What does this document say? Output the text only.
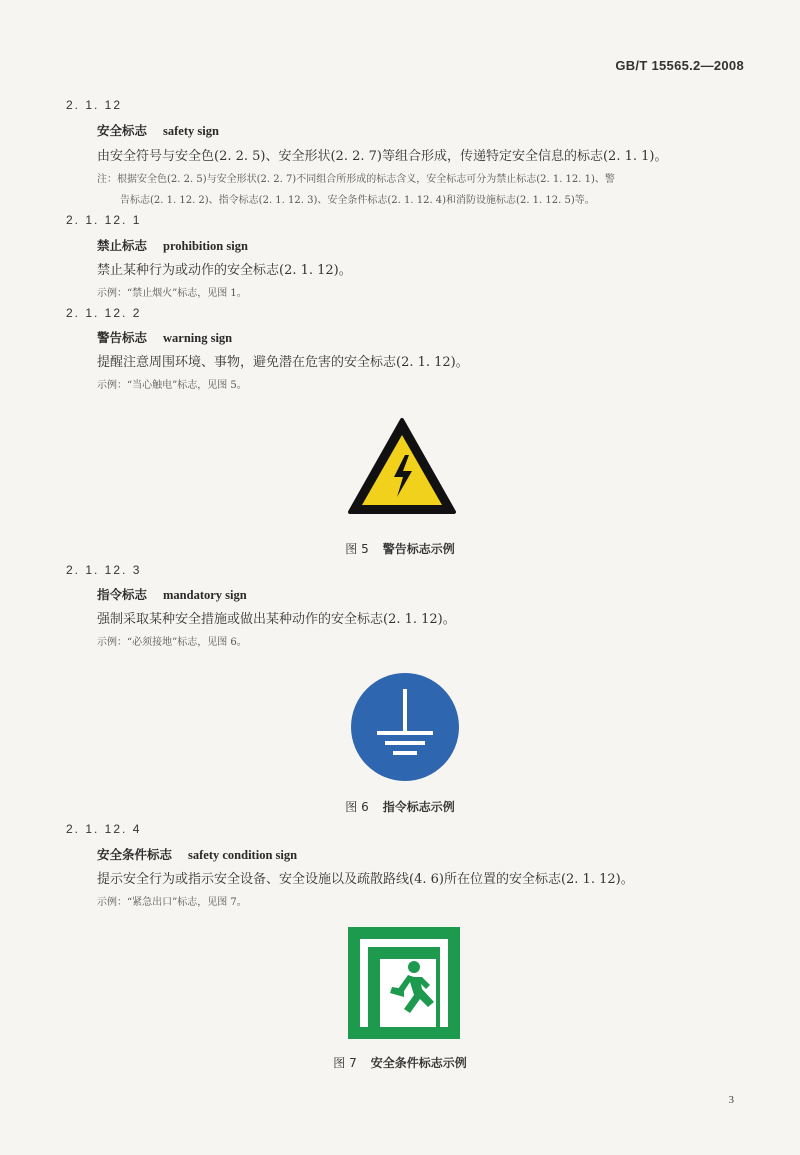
GB/T 15565.2—2008
2. 1. 12
安全标志 safety sign
由安全符号与安全色(2. 2. 5)、安全形状(2. 2. 7)等组合形成，传递特定安全信息的标志(2. 1. 1)。
注：根据安全色(2. 2. 5)与安全形状(2. 2. 7)不同组合所形成的标志含义，安全标志可分为禁止标志(2. 1. 12. 1)、警
告标志(2. 1. 12. 2)、指令标志(2. 1. 12. 3)、安全条件标志(2. 1. 12. 4)和消防设施标志(2. 1. 12. 5)等。
2. 1. 12. 1
禁止标志 prohibition sign
禁止某种行为或动作的安全标志(2. 1. 12)。
示例：“禁止烟火”标志，见图 1。
2. 1. 12. 2
警告标志 warning sign
提醒注意周围环境、事物，避免潜在危害的安全标志(2. 1. 12)。
示例：“当心触电”标志，见图 5。
图 5 警告标志示例
2. 1. 12. 3
指令标志 mandatory sign
强制采取某种安全措施或做出某种动作的安全标志(2. 1. 12)。
示例：“必须接地”标志，见图 6。
图 6 指令标志示例
2. 1. 12. 4
安全条件标志 safety condition sign
提示安全行为或指示安全设备、安全设施以及疏散路线(4. 6)所在位置的安全标志(2. 1. 12)。
示例：“紧急出口”标志，见图 7。
图 7 安全条件标志示例
3
